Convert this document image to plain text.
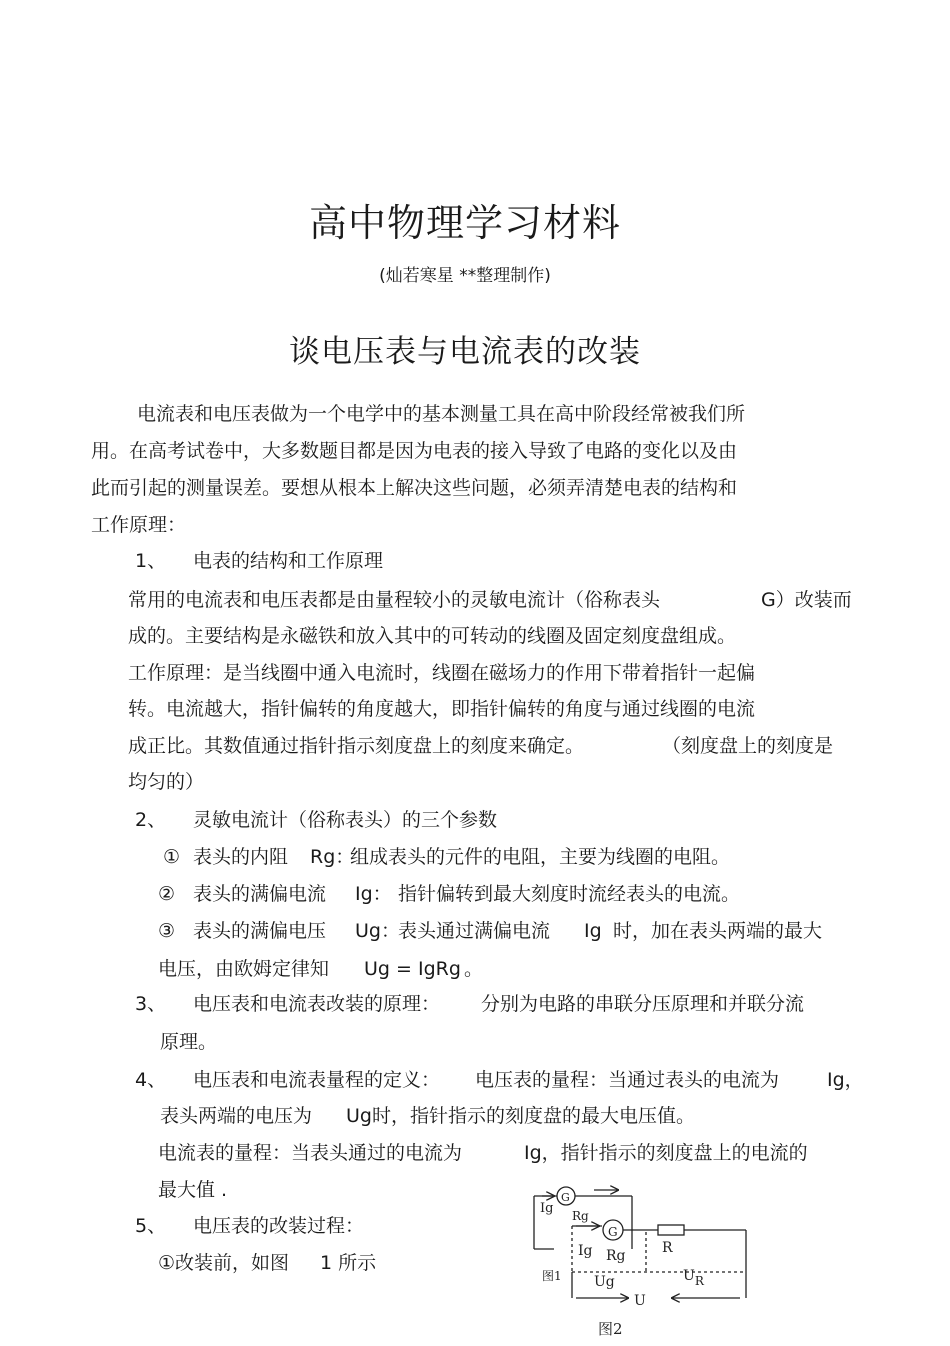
高中物理学习材料
(灿若寒星 **整理制作)
谈电压表与电流表的改装
电流表和电压表做为一个电学中的基本测量工具在高中阶段经常被我们所
用。在高考试卷中，大多数题目都是因为电表的接入导致了电路的变化以及由
此而引起的测量误差。要想从根本上解决这些问题，必须弄清楚电表的结构和
工作原理：
1、 电表的结构和工作原理
常用的电流表和电压表都是由量程较小的灵敏电流计（俗称表头	G）改装而
成的。主要结构是永磁铁和放入其中的可转动的线圈及固定刻度盘组成。
工作原理：是当线圈中通入电流时，线圈在磁场力的作用下带着指针一起偏
转。电流越大，指针偏转的角度越大，即指针偏转的角度与通过线圈的电流
成正比。其数值通过指针指示刻度盘上的刻度来确定。	（刻度盘上的刻度是
均匀的）
2、 灵敏电流计（俗称表头）的三个参数
① 表头的内阻 Rg：
组成表头的元件的电阻，主要为线圈的电阻。
② 表头的满偏电流 Ig： 指针偏转到最大刻度时流经表头的电流。
③ 表头的满偏电压 Ug：
表头通过满偏电流 Ig 时，加在表头两端的最大
电压，由欧姆定律知 Ug = IgRg 。
3、 电压表和电流表改装的原理： 分别为电路的串联分压原理和并联分流
原理。
4、 电压表和电流表量程的定义： 电压表的量程：当通过表头的电流为	Ig，
表头两端的电压为 Ug时，指针指示的刻度盘的最大电压值。
电流表的量程：当表头通过的电流为	Ig，指针指示的刻度盘上的电流的
最大值 .
5、 电压表的改装过程：
①改装前，如图 1 所示
Ig Rg
G
G
Ig Rg	R
图1 Ug	UR
U
图2
